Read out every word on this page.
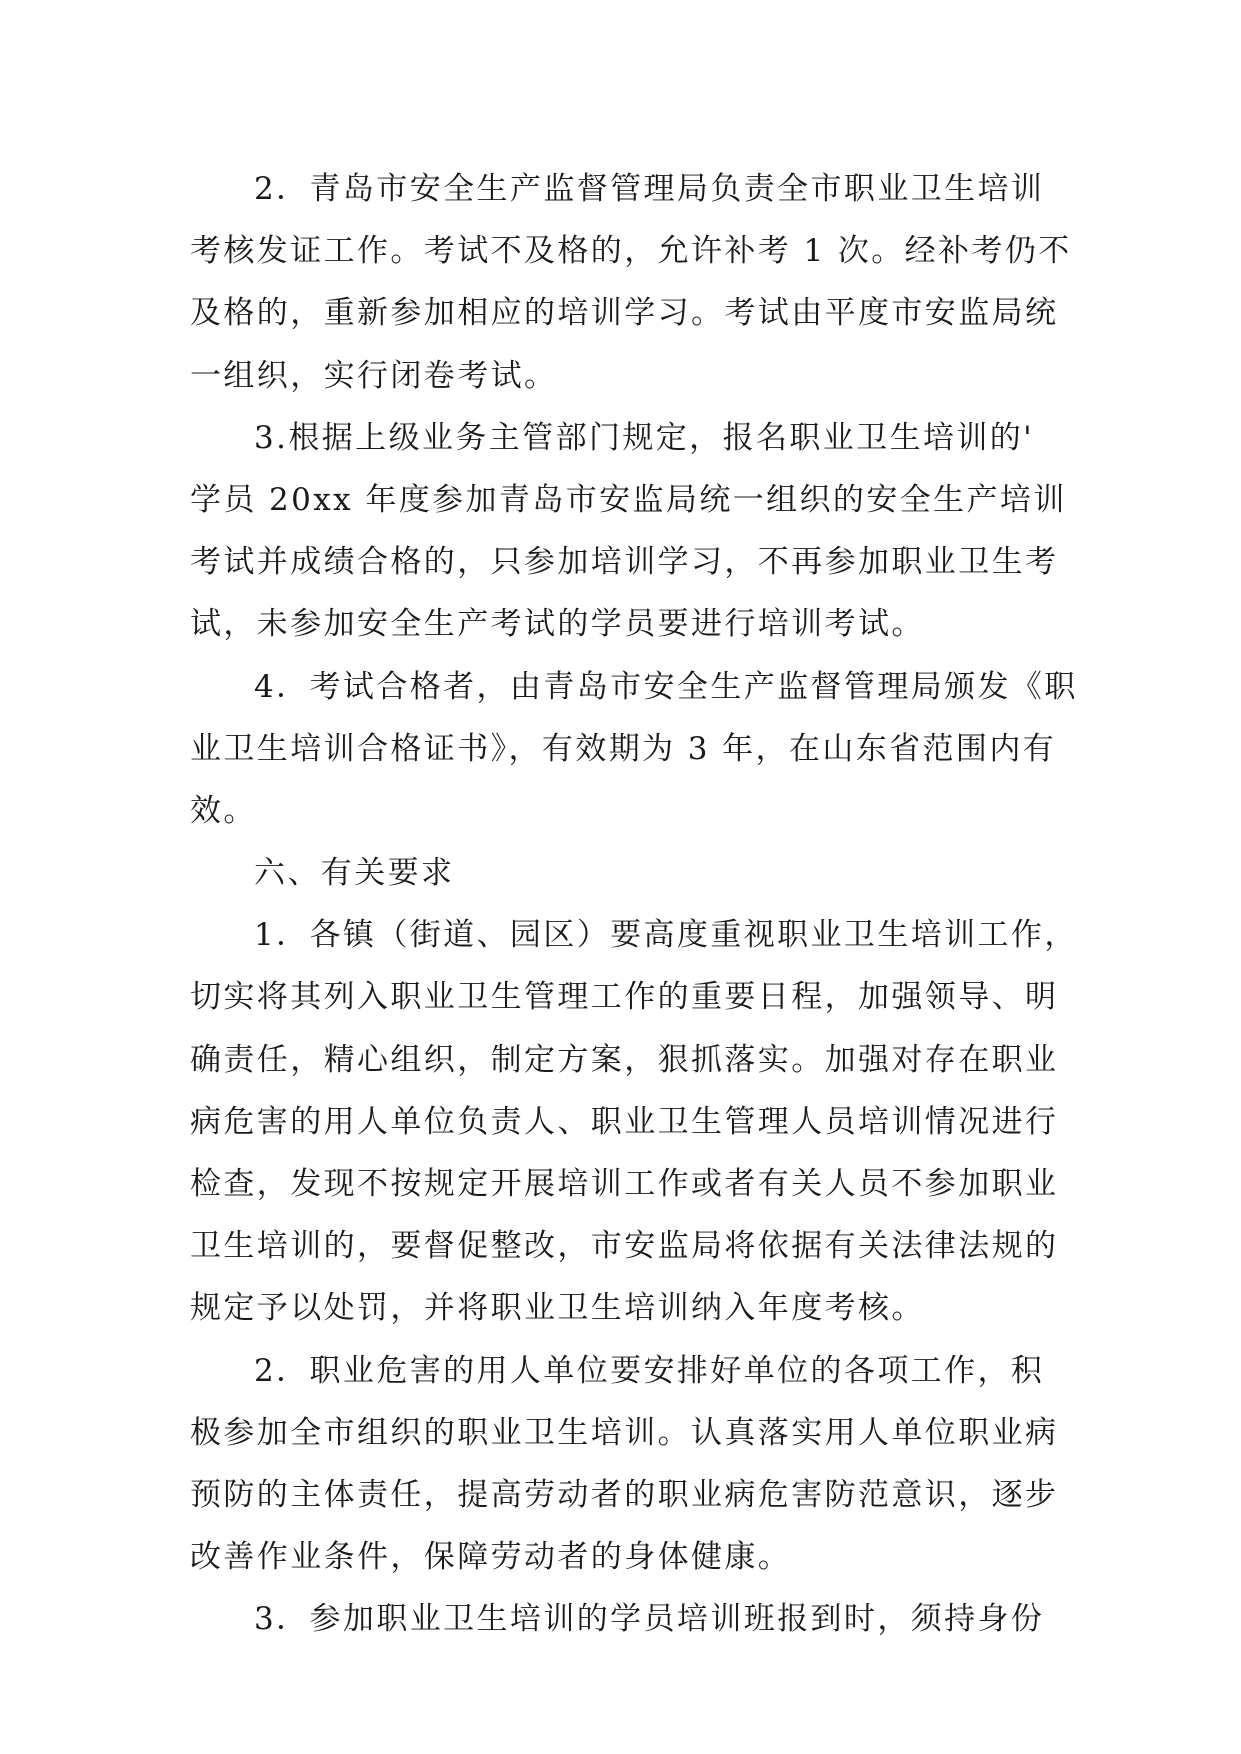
2．青岛市安全生产监督管理局负责全市职业卫生培训
考核发证工作。考试不及格的，允许补考 1 次。经补考仍不
及格的，重新参加相应的培训学习。考试由平度市安监局统
一组织，实行闭卷考试。
3.根据上级业务主管部门规定，报名职业卫生培训的'
学员 20xx 年度参加青岛市安监局统一组织的安全生产培训
考试并成绩合格的，只参加培训学习，不再参加职业卫生考
试，未参加安全生产考试的学员要进行培训考试。
4．考试合格者，由青岛市安全生产监督管理局颁发《职
业卫生培训合格证书》，有效期为 3 年，在山东省范围内有
效。
六、有关要求
1．各镇（街道、园区）要高度重视职业卫生培训工作，
切实将其列入职业卫生管理工作的重要日程，加强领导、明
确责任，精心组织，制定方案，狠抓落实。加强对存在职业
病危害的用人单位负责人、职业卫生管理人员培训情况进行
检查，发现不按规定开展培训工作或者有关人员不参加职业
卫生培训的，要督促整改，市安监局将依据有关法律法规的
规定予以处罚，并将职业卫生培训纳入年度考核。
2．职业危害的用人单位要安排好单位的各项工作，积
极参加全市组织的职业卫生培训。认真落实用人单位职业病
预防的主体责任，提高劳动者的职业病危害防范意识，逐步
改善作业条件，保障劳动者的身体健康。
3．参加职业卫生培训的学员培训班报到时，须持身份
